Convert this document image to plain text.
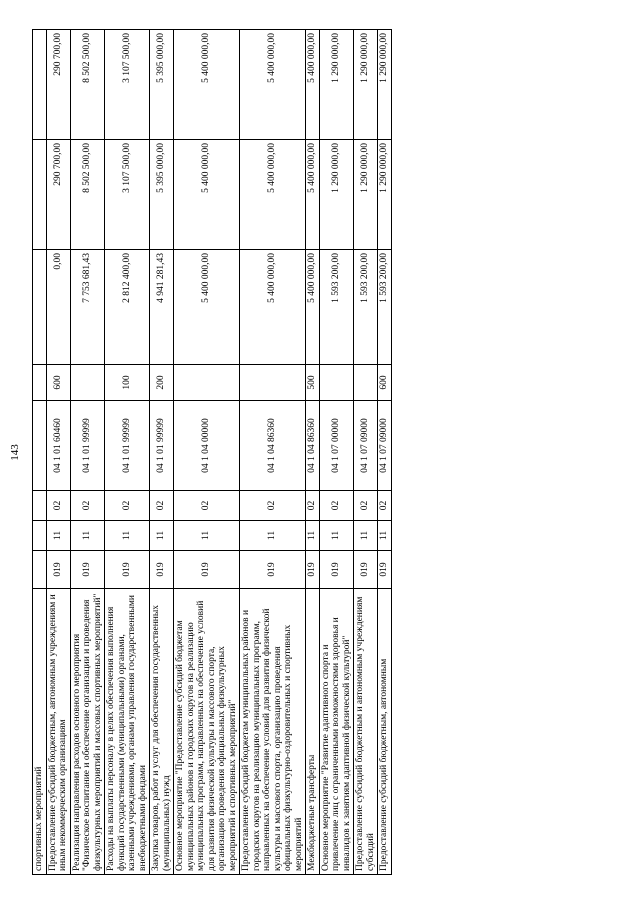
143
спортивных мероприятий								
Предоставление субсидий бюджетным, автономным учреждениям и иным некоммерческим организациям	019	11	02	04 1 01 60460	600	0,00	290 700,00	290 700,00
Реализация направления расходов основного мероприятия "Физическое воспитание и обеспечение организации и проведения физкультурных мероприятий и массовых спортивных мероприятий"	019	11	02	04 1 01 99999		7 753 681,43	8 502 500,00	8 502 500,00
Расходы на выплаты персоналу в целях обеспечения выполнения функций государственными (муниципальными) органами, казенными учреждениями, органами управления государственными внебюджетными фондами	019	11	02	04 1 01 99999	100	2 812 400,00	3 107 500,00	3 107 500,00
Закупка товаров, работ и услуг для обеспечения государственных (муниципальных) нужд	019	11	02	04 1 01 99999	200	4 941 281,43	5 395 000,00	5 395 000,00
Основное мероприятие "Предоставление субсидий бюджетам муниципальных районов и городских округов на реализацию муниципальных программ, направленных на обеспечение условий для развития физической культуры и массового спорта, организацию проведения официальных физкультурных мероприятий и спортивных мероприятий"	019	11	02	04 1 04 00000		5 400 000,00	5 400 000,00	5 400 000,00
Предоставление субсидий бюджетам муниципальных районов и городских округов на реализацию муниципальных программ, направленных на обеспечение условий для развития физической культуры и массового спорта, организацию проведения официальных физкультурно-оздоровительных и спортивных мероприятий	019	11	02	04 1 04 86360		5 400 000,00	5 400 000,00	5 400 000,00
Межбюджетные трансферты	019	11	02	04 1 04 86360	500	5 400 000,00	5 400 000,00	5 400 000,00
Основное мероприятие "Развитие адаптивного спорта и привлечение лиц с ограниченными возможностями здоровья и инвалидов к занятиям адаптивной физической культурой"	019	11	02	04 1 07 00000		1 593 200,00	1 290 000,00	1 290 000,00
Предоставление субсидий бюджетным и автономным учреждениям субсидий	019	11	02	04 1 07 09000		1 593 200,00	1 290 000,00	1 290 000,00
Предоставление субсидий бюджетным, автономным	019	11	02	04 1 07 09000	600	1 593 200,00	1 290 000,00	1 290 000,00
